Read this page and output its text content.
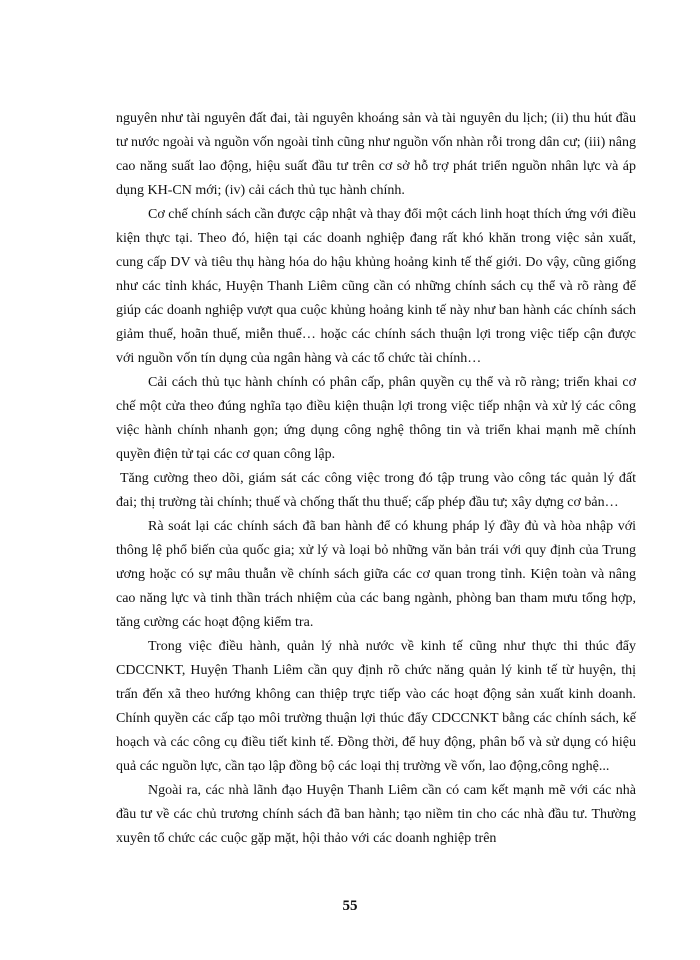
nguyên như tài nguyên đất đai, tài nguyên khoáng sản và tài nguyên du lịch; (ii) thu hút đầu tư nước ngoài và nguồn vốn ngoài tỉnh cũng như nguồn vốn nhàn rỗi trong dân cư; (iii) nâng cao năng suất lao động, hiệu suất đầu tư trên cơ sở hỗ trợ phát triển nguồn nhân lực và áp dụng KH-CN mới; (iv) cải cách thủ tục hành chính.

Cơ chế chính sách cần được cập nhật và thay đổi một cách linh hoạt thích ứng với điều kiện thực tại. Theo đó, hiện tại các doanh nghiệp đang rất khó khăn trong việc sản xuất, cung cấp DV và tiêu thụ hàng hóa do hậu khủng hoảng kinh tế thế giới. Do vậy, cũng giống như các tỉnh khác, Huyện Thanh Liêm cũng cần có những chính sách cụ thể và rõ ràng để giúp các doanh nghiệp vượt qua cuộc khủng hoảng kinh tế này như ban hành các chính sách giảm thuế, hoãn thuế, miễn thuế… hoặc các chính sách thuận lợi trong việc tiếp cận được với nguồn vốn tín dụng của ngân hàng và các tổ chức tài chính…

Cải cách thủ tục hành chính có phân cấp, phân quyền cụ thể và rõ ràng; triển khai cơ chế một cửa theo đúng nghĩa tạo điều kiện thuận lợi trong việc tiếp nhận và xử lý các công việc hành chính nhanh gọn; ứng dụng công nghệ thông tin và triển khai mạnh mẽ chính quyền điện tử tại các cơ quan công lập.

Tăng cường theo dõi, giám sát các công việc trong đó tập trung vào công tác quản lý đất đai; thị trường tài chính; thuế và chống thất thu thuế; cấp phép đầu tư; xây dựng cơ bản…

Rà soát lại các chính sách đã ban hành để có khung pháp lý đầy đủ và hòa nhập với thông lệ phổ biến của quốc gia; xử lý và loại bỏ những văn bản trái với quy định của Trung ương hoặc có sự mâu thuẫn về chính sách giữa các cơ quan trong tỉnh. Kiện toàn và nâng cao năng lực và tinh thần trách nhiệm của các bang ngành, phòng ban tham mưu tổng hợp, tăng cường các hoạt động kiểm tra.

Trong việc điều hành, quản lý nhà nước về kinh tế cũng như thực thi thúc đẩy CDCCNKT, Huyện Thanh Liêm cần quy định rõ chức năng quản lý kinh tế từ huyện, thị trấn đến xã theo hướng không can thiệp trực tiếp vào các hoạt động sản xuất kinh doanh. Chính quyền các cấp tạo môi trường thuận lợi thúc đẩy CDCCNKT bằng các chính sách, kế hoạch và các công cụ điều tiết kinh tế. Đồng thời, để huy động, phân bổ và sử dụng có hiệu quả các nguồn lực, cần tạo lập đồng bộ các loại thị trường về vốn, lao động,công nghệ...

Ngoài ra, các nhà lãnh đạo Huyện Thanh Liêm cần có cam kết mạnh mẽ với các nhà đầu tư về các chủ trương chính sách đã ban hành; tạo niềm tin cho các nhà đầu tư. Thường xuyên tổ chức các cuộc gặp mặt, hội thảo với các doanh nghiệp trên

55
